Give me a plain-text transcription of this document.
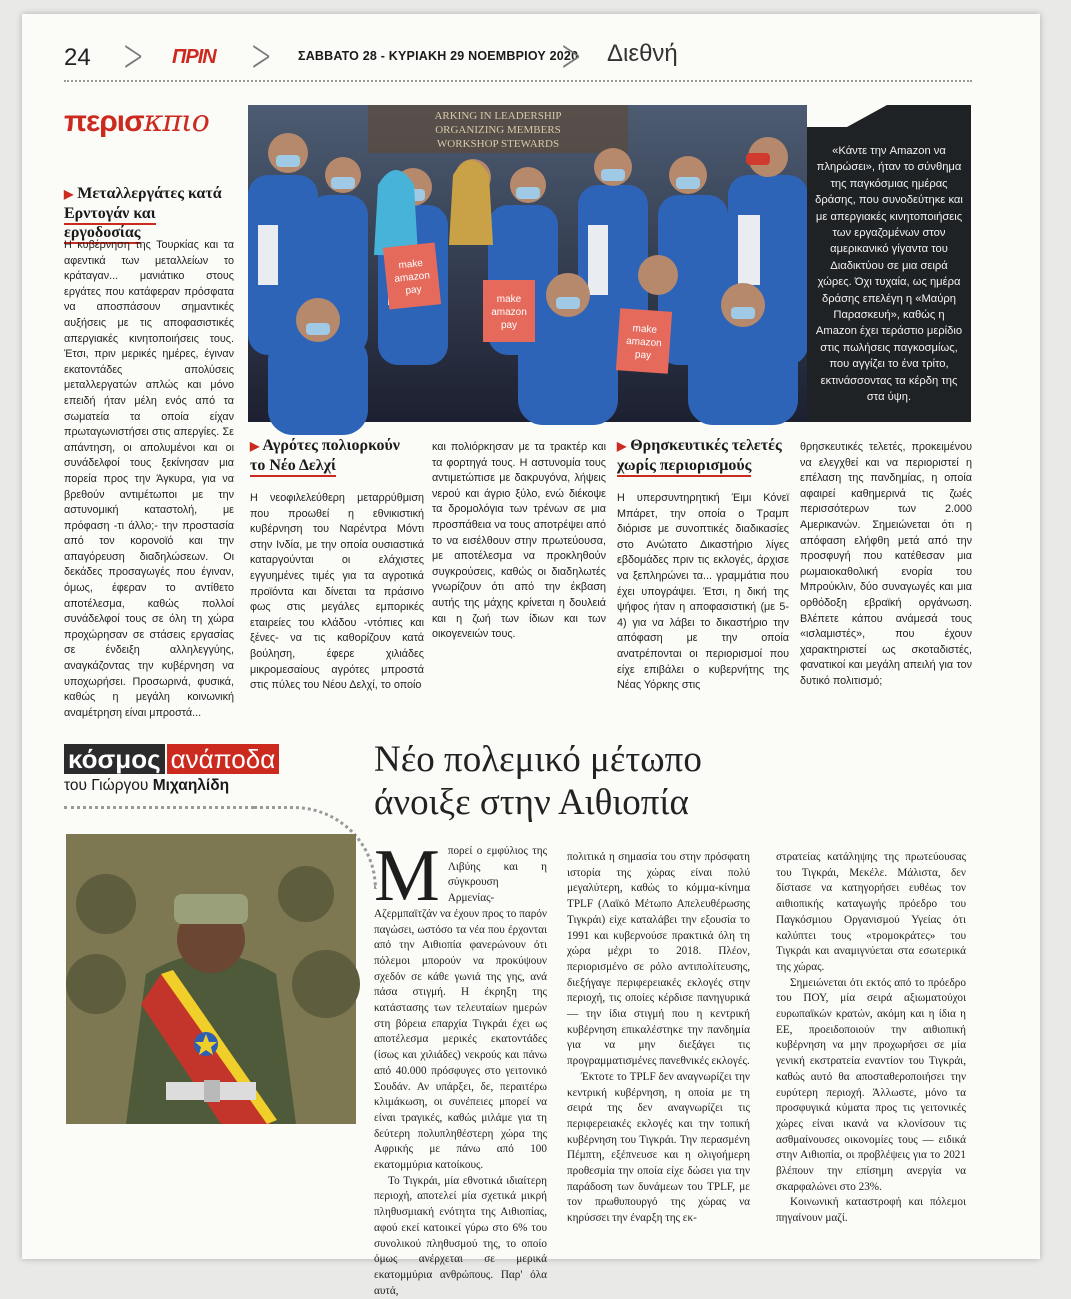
24 > ΠΡΙΝ > ΣΑΒΒΑΤΟ 28 - ΚΥΡΙΑΚΗ 29 ΝΟΕΜΒΡΙΟΥ 2020
> Διεθνή
περισκπιο
▶ Μεταλλεργάτες κατά
Ερντογάν και εργοδοσίας

Η κυβέρνηση της Τουρκίας και τα αφεντικά των μεταλλείων το κράταγαν... μανιάτικο στους εργάτες που κατάφεραν πρόσφατα να αποσπάσουν σημαντικές αυξήσεις με τις αποφασιστικές απεργιακές κινητοποιήσεις τους. Έτσι, πριν μερικές ημέρες, έγιναν εκατοντάδες απολύσεις μεταλλεργατών απλώς και μόνο επειδή ήταν μέλη ενός από τα σωματεία τα οποία είχαν πρωταγωνιστήσει στις απεργίες. Σε απάντηση, οι απολυμένοι και οι συνάδελφοί τους ξεκίνησαν μια πορεία προς την Άγκυρα, για να βρεθούν αντιμέτωποι με την αστυνομική καταστολή, με πρόφαση -τι άλλο;- την προστασία από τον κορονοϊό και την απαγόρευση διαδηλώσεων. Οι δεκάδες προσαγωγές που έγιναν, όμως, έφεραν το αντίθετο αποτέλεσμα, καθώς πολλοί συνάδελφοί τους σε όλη τη χώρα προχώρησαν σε στάσεις εργασίας σε ένδειξη αλληλεγγύης, αναγκάζοντας την κυβέρνηση να υποχωρήσει. Προσωρινά, φυσικά, καθώς η μεγάλη κοινωνική αναμέτρηση είναι μπροστά...

ARKING IN LEADERSHIP
ORGANIZING MEMBERS
WORKSHOP STEWARDS
make
amazon
pay
make
amazon
pay	make
amazon
pay
«Κάντε την Amazon να πληρώσει», ήταν το σύνθημα της παγκόσμιας ημέρας δράσης, που συνοδεύτηκε και με απεργιακές κινητοποιήσεις των εργαζομένων στον αμερικανικό γίγαντα του Διαδικτύου σε μια σειρά χώρες. Όχι τυχαία, ως ημέρα δράσης επελέγη η «Μαύρη Παρασκευή», καθώς η Amazon έχει τεράστιο μερίδιο στις πωλήσεις παγκοσμίως, που αγγίζει το ένα τρίτο, εκτινάσσοντας τα κέρδη της στα ύψη.
▶ Αγρότες πολιορκούν
το Νέο Δελχί

Η νεοφιλελεύθερη μεταρρύθμιση που προωθεί η εθνικιστική κυβέρνηση του Ναρέντρα Μόντι στην Ινδία, με την οποία ουσιαστικά καταργούνται οι ελάχιστες εγγυημένες τιμές για τα αγροτικά προϊόντα και δίνεται τα πράσινο φως στις μεγάλες εμπορικές εταιρείες του κλάδου -ντόπιες και ξένες- να τις καθορίζουν κατά βούληση, έφερε χιλιάδες μικρομεσαίους αγρότες μπροστά στις πύλες του Νέου Δελχί, το οποίο

και πολιόρκησαν με τα τρακτέρ και τα φορτηγά τους. Η αστυνομία τους αντιμετώπισε με δακρυγόνα, λήψεις νερού και άγριο ξύλο, ενώ διέκοψε τα δρομολόγια των τρένων σε μια προσπάθεια να τους αποτρέψει από το να εισέλθουν στην πρωτεύουσα, με αποτέλεσμα να προκληθούν συγκρούσεις, καθώς οι διαδηλωτές γνωρίζουν ότι από την έκβαση αυτής της μάχης κρίνεται η δουλειά και η ζωή των ίδιων και των οικογενειών τους.

▶ Θρησκευτικές τελετές
χωρίς περιορισμούς

Η υπερσυντηρητική Έιμι Κόνεϊ Μπάρετ, την οποία ο Τραμπ διόρισε με συνοπτικές διαδικασίες στο Ανώτατο Δικαστήριο λίγες εβδομάδες πριν τις εκλογές, άρχισε να ξεπληρώνει τα... γραμμάτια που έχει υπογράψει. Έτσι, η δική της ψήφος ήταν η αποφασιστική (με 5-4) για να λάβει το δικαστήριο την απόφαση με την οποία ανατρέπονται οι περιορισμοί που είχε επιβάλει ο κυβερνήτης της Νέας Υόρκης στις

θρησκευτικές τελετές, προκειμένου να ελεγχθεί και να περιοριστεί η επέλαση της πανδημίας, η οποία αφαιρεί καθημερινά τις ζωές περισσότερων των 2.000 Αμερικανών. Σημειώνεται ότι η απόφαση ελήφθη μετά από την προσφυγή που κατέθεσαν μια ρωμαιοκαθολική ενορία του Μπρούκλιν, δύο συναγωγές και μια ορθόδοξη εβραϊκή οργάνωση. Βλέπετε κάπου ανάμεσά τους «ισλαμιστές», που έχουν χαρακτηριστεί ως σκοταδιστές, φανατικοί και μεγάλη απειλή για τον δυτικό πολιτισμό;

κόσμος ανάποδα
του Γιώργου Μιχαηλίδη
Νέο πολεμικό μέτωπο
άνοιξε στην Αιθιοπία
Μ πορεί ο εμφύλιος της Λιβύης και η σύγκρουση Αρμενίας-Αζερμπαϊτζάν να έχουν προς το παρόν παγώσει, ωστόσο τα νέα που έρχονται από την Αιθιοπία φανερώνουν ότι πόλεμοι μπορούν να προκύψουν σχεδόν σε κάθε γωνιά της γης, ανά πάσα στιγμή. Η έκρηξη της κατάστασης των τελευταίων ημερών στη βόρεια επαρχία Τιγκράι έχει ως αποτέλεσμα μερικές εκατοντάδες (ίσως και χιλιάδες) νεκρούς και πάνω από 40.000 πρόσφυγες στο γειτονικό Σουδάν. Αν υπάρξει, δε, περαιτέρω κλιμάκωση, οι συνέπειες μπορεί να είναι τραγικές, καθώς μιλάμε για τη δεύτερη πολυπληθέστερη χώρα της Αφρικής με πάνω από 100 εκατομμύρια κατοίκους.

Το Τιγκράι, μία εθνοτικά ιδιαίτερη περιοχή, αποτελεί μία σχετικά μικρή πληθυσμιακή ενότητα της Αιθιοπίας, αφού εκεί κατοικεί γύρω στο 6% του συνολικού πληθυσμού της, το οποίο όμως ανέρχεται σε μερικά εκατομμύρια ανθρώπους. Παρ' όλα αυτά,

πολιτικά η σημασία του στην πρόσφατη ιστορία της χώρας είναι πολύ μεγαλύτερη, καθώς το κόμμα-κίνημα TPLF (Λαϊκό Μέτωπο Απελευθέρωσης Τιγκράι) είχε καταλάβει την εξουσία το 1991 και κυβερνούσε πρακτικά όλη τη χώρα μέχρι το 2018. Πλέον, περιορισμένο σε ρόλο αντιπολίτευσης, διεξήγαγε περιφερειακές εκλογές στην περιοχή, τις οποίες κέρδισε πανηγυρικά — την ίδια στιγμή που η κεντρική κυβέρνηση επικαλέστηκε την πανδημία για να μην διεξάγει τις προγραμματισμένες πανεθνικές εκλογές.

Έκτοτε το TPLF δεν αναγνωρίζει την κεντρική κυβέρνηση, η οποία με τη σειρά της δεν αναγνωρίζει τις περιφερειακές εκλογές και την τοπική κυβέρνηση του Τιγκράι. Την περασμένη Πέμπτη, εξέπνευσε και η ολιγοήμερη προθεσμία την οποία είχε δώσει για την παράδοση των δυνάμεων του TPLF, με τον πρωθυπουργό της χώρας να κηρύσσει την έναρξη της εκ-

στρατείας κατάληψης της πρωτεύουσας του Τιγκράι, Μεκέλε. Μάλιστα, δεν δίστασε να κατηγορήσει ευθέως τον αιθιοπικής καταγωγής πρόεδρο του Παγκόσμιου Οργανισμού Υγείας ότι καλύπτει τους «τρομοκράτες» του Τιγκράι και αναμιγνύεται στα εσωτερικά της χώρας.

Σημειώνεται ότι εκτός από το πρόεδρο του ΠΟΥ, μία σειρά αξιωματούχοι ευρωπαϊκών κρατών, ακόμη και η ίδια η ΕΕ, προειδοποιούν την αιθιοπική κυβέρνηση να μην προχωρήσει σε μία γενική εκστρατεία εναντίον του Τιγκράι, καθώς αυτό θα αποσταθεροποιήσει την ευρύτερη περιοχή. Άλλωστε, μόνο τα προσφυγικά κύματα προς τις γειτονικές χώρες είναι ικανά να κλονίσουν τις ασθμαίνουσες οικονομίες τους — ειδικά στην Αιθιοπία, οι προβλέψεις για το 2021 βλέπουν την επίσημη ανεργία να σκαρφαλώνει στο 23%.

Κοινωνική καταστροφή και πόλεμοι πηγαίνουν μαζί.
